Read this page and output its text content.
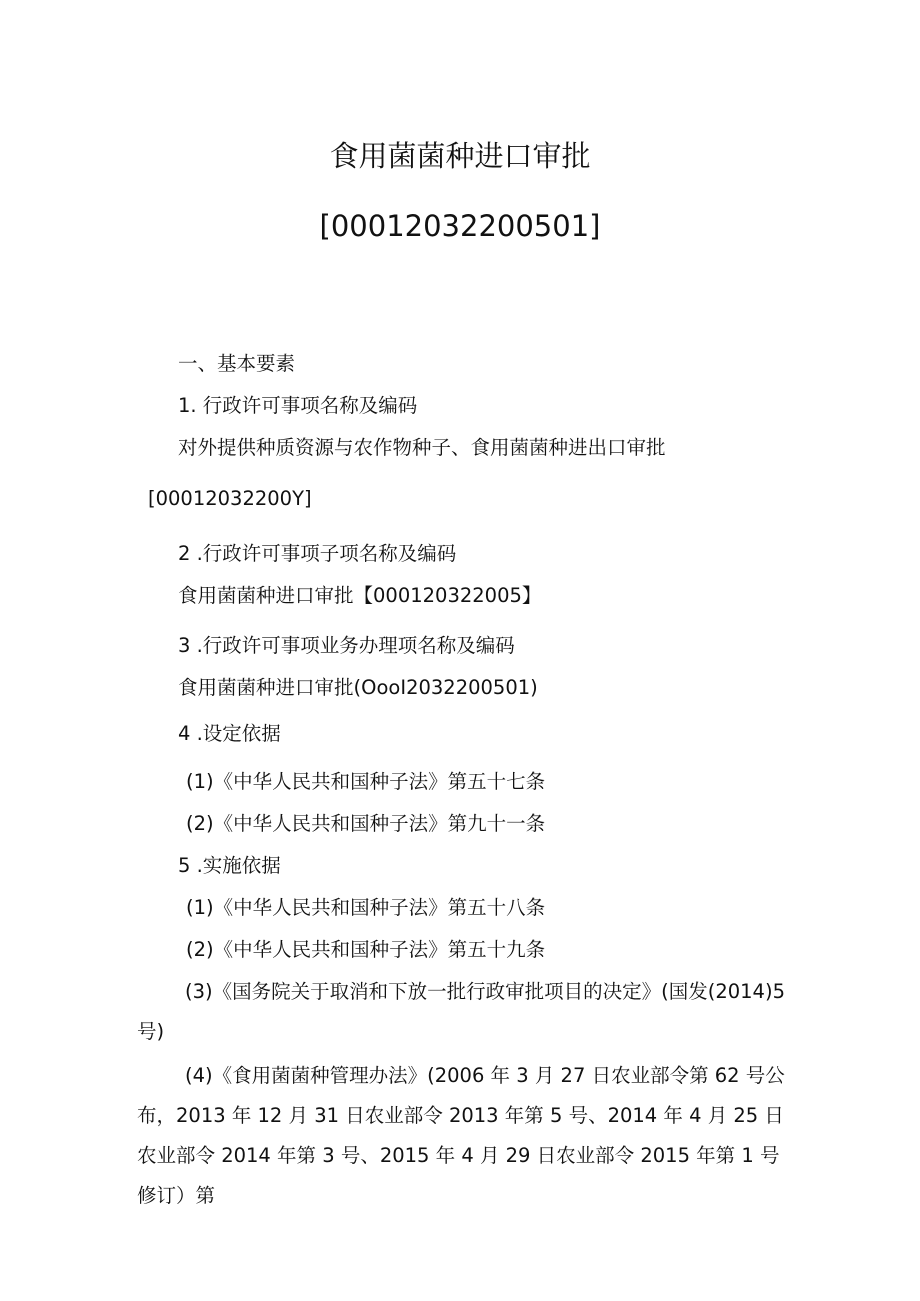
食用菌菌种进口审批
[00012032200501]
一、基本要素
1. 行政许可事项名称及编码
对外提供种质资源与农作物种子、食用菌菌种进出口审批
[00012032200Y]
2 .行政许可事项子项名称及编码
食用菌菌种进口审批【000120322005】
3 .行政许可事项业务办理项名称及编码
食用菌菌种进口审批(OooI2032200501)
4 .设定依据
(1)《中华人民共和国种子法》第五十七条
(2)《中华人民共和国种子法》第九十一条
5 .实施依据
(1)《中华人民共和国种子法》第五十八条
(2)《中华人民共和国种子法》第五十九条
(3)《国务院关于取消和下放一批行政审批项目的决定》(国发(2014)5号)
(4)《食用菌菌种管理办法》(2006 年 3 月 27 日农业部令第 62 号公布，2013 年 12 月 31 日农业部令 2013 年第 5 号、2014 年 4 月 25 日农业部令 2014 年第 3 号、2015 年 4 月 29 日农业部令 2015 年第 1 号修订）第
